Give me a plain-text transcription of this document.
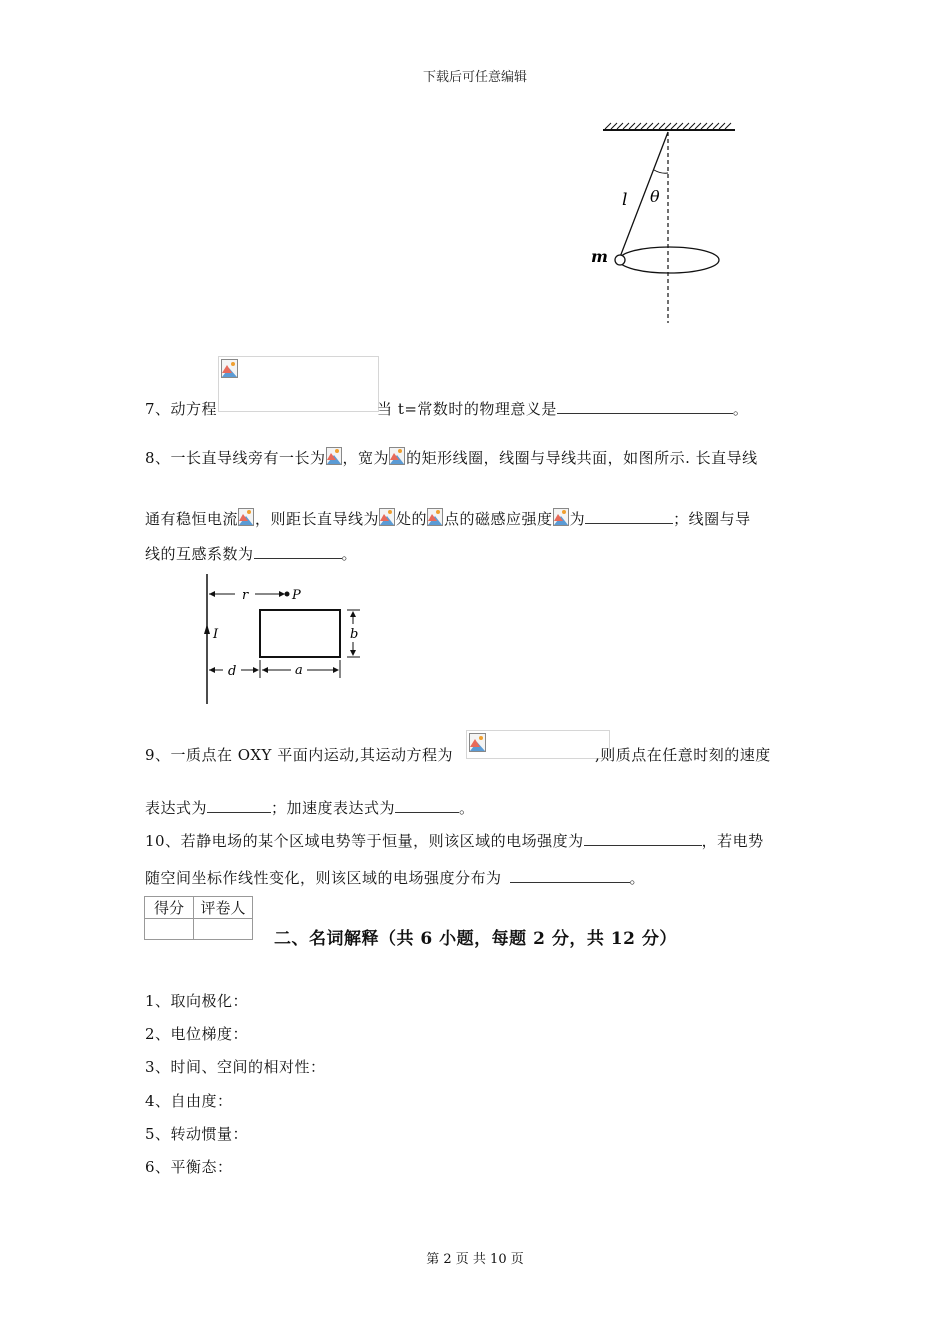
下载后可任意编辑
l θ
m
7、动方程	当 t=常数时的物理意义是	。
8、一长直导线旁有一长为 ，宽为 的矩形线圈，线圈与导线共面，如图所示. 长直导线
通有稳恒电流 ，则距长直导线为 处的 点的磁感应强度 为	；线圈与导
线的互感系数为	。
r	P
I	b
d	a
9、一质点在 OXY 平面内运动,其运动方程为	,则质点在任意时刻的速度
表达式为	；加速度表达式为	。
10、若静电场的某个区域电势等于恒量，则该区域的电场强度为	，若电势
随空间坐标作线性变化，则该区域的电场强度分布为	。
得分	评卷人

二、名词解释（共 6 小题，每题 2 分，共 12 分）
1、取向极化：
2、电位梯度：
3、时间、空间的相对性：
4、自由度：
5、转动惯量：
6、平衡态：
第 2 页 共 10 页
